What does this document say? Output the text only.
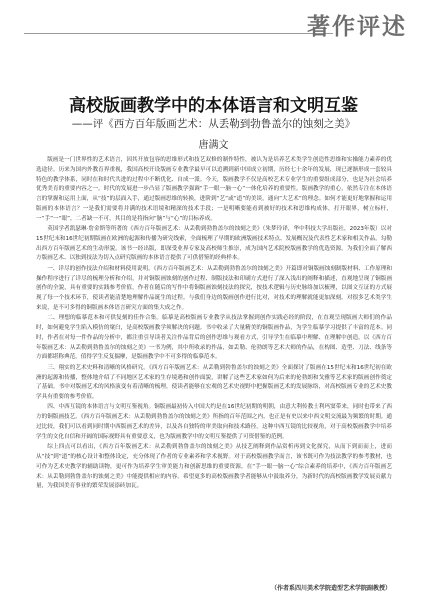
著作评述
高校版画教学中的本体语言和文明互鉴
——评《西方百年版画艺术：从丢勒到勃鲁盖尔的蚀刻之美》
唐满文

版画是一门世界性的艺术语言，因其开放包容的思维形式和技艺双修的制作特性，被认为是培养艺术类学生创造性思维和实操能力素养的优选途径。历来为国内外教育界重视，我国高校开设版画专业教学最早可以追溯到新中国成立初期，历经七十余年的发展，现已逐渐形成一套较具特色的教学体系，同时在和时代共进的过程中不断优化、自成一派。今天，版画教学不仅是高校艺术专业学生的重要组成部分，也是为社会培养优秀美育的重要内容之一。时代的发展进一步凸显了版画教学强调“手一眼一脑一心”一体化培养的重要性。版画教学的重心，依然专注在本体语言的掌握和运用上面，从“技”的层面入手，通过版画思维的转换，进阶到“艺”或“道”的美谈，通向“大艺术”的理念。如何才能更好地掌握和运用版画的本体语言？一是我们需要将并满的技术语境和精深的技术手段；一是明晰要能看到被好的技术和思维构成体，打开眼界，树立标杆，一“手”一“眼”，二者缺一不可，其目的是将指向“脑”与“心”的目标养成。

英国学者凯瑟琳·詹金斯等所著的《西方百年版画艺术：从丢勒到勃鲁盖尔的蚀刻之美》（朱梦玲译，华中科技大学出版社，2023年版）以对15世纪末和16世纪初期版画在欧洲的起源和传播为研究线索，全面梳理了早期的欧洲版画技术特点、发展概况及代表性艺术家和相关作品。勾勒出西方百年版画艺术的生动形貌。该书一经出版，即深受业界专家及高校师生推崇，成为国内艺术院校版画教学的优选资源。为我们全面了解西方版画艺术、以独到技法为切入点研究版画的本体语言提供了可供借鉴的经典样本。

一、详尽的创作技法介绍和材料使用说明。《西方百年版画艺术：从丢勒到勃鲁盖尔的蚀刻之美》开篇即对铜版画蚀刻制版材料、工作原理和操作程序进行了详尽的梳理分析和介绍，并对铜版画蚀刻的创作过程、制版技法和印刷方式进行了深入浅出的阐释和描述，直观地呈现了铜版画创作的全貌，具有重要的实践参考价值。作者在随后的写作中将铜版画蚀刻技法的探究，按技术逻辑与历史脉络加以梳理，以图文互证的方式展现了每一个技术环节，使读者能清楚地理解作品诞生的过程。与我们身边的版画创作进行比对，对技术的理解就能更加深刻。对很多艺术类学生来说，是不可多得的铜版画本体语言研究方面的集大成之作。

二、理想的临摹范本和可供复刻的佳作合集。临摹是高校版画专业教学从技法掌握到创作实践必经的阶段，在直观呈现版画大师们的作品时，如何避免学生陷入模仿的窠臼，是高校版画教学须解决的问题。书中收录了大量精美的铜版画作品，为学生临摹学习提供了丰富的范本。同时，作者在对每一件作品的分析中，都注重引导读者关注作品背后的创作思维与观看方式，引导学生在临摹中理解、在理解中创造。以《西方百年版画艺术：从丢勒到勃鲁盖尔的蚀刻之美》一书为例，其中所收录的作品，如丢勒、伦勃朗等艺术大师的作品，在构图、造型、刀法、线条等方面都堪称典范，值得学生反复揣摩，是版画教学中不可多得的临摹范本。

三、翔实的艺术史料和清晰的风格研究。《西方百年版画艺术：从丢勒到勃鲁盖尔的蚀刻之美》全面探讨了版画在15世纪末和16世纪初在欧洲的起源和传播，整体地介绍了不同地区艺术家的生存境遇和创作面貌，讲解了这些艺术家如何为后来的伦勃朗和戈雅等艺术家的版画创作奠定了基础。书中对版画艺术的风格演变有着清晰的梳理，使读者能够在宏观的艺术史视野中把握版画艺术的发展脉络，对高校版画专业的艺术史教学具有重要的参考价值。

四、中西互镜的本体语言与文明互鉴视角。铜版画最初传入中国大约是在16世纪初期的明朝，由意大利传教士利玛窦带来，同时也带来了西方的铜版画技艺。《西方百年版画艺术：从丢勒到勃鲁盖尔的蚀刻之美》所指的百年范围之内，也正是有史以来中西文明交流最为频繁的时期。通过比较，我们可以看到同时期中西版画艺术的差异，以及各自独特的审美取向和技术路径。这种中西互镜的比较视角，对于高校版画教学中培养学生的文化自信和开阔的国际视野具有重要意义，也为版画教学中的文明互鉴提供了可资借鉴的范例。

综上四点可以看出，《西方百年版画艺术：从丢勒到勃鲁盖尔的蚀刻之美》从技艺阐释到作品赏析再到文化探究，从而下到而而上，进而从“技”到“道”的核心设计和整体设定，充分体现了作者的专业素养和学术视野。对于高校版画教学而言，该书既可作为技法教学的参考教材，也可作为艺术史教学的辅助读物，更可作为培养学生审美能力和创新思维的重要资源。在“手一眼一脑一心”综合素养的培养中，《西方百年版画艺术：从丢勒到勃鲁盖尔的蚀刻之美》中能提供相应的内容。希望更多的高校版画教学者能够从中汲取养分，为新时代的高校版画教学发展贡献力量，为我国美育事业的繁荣发展添砖加瓦。

（作者系四川美术学院造型艺术学院副教授）
